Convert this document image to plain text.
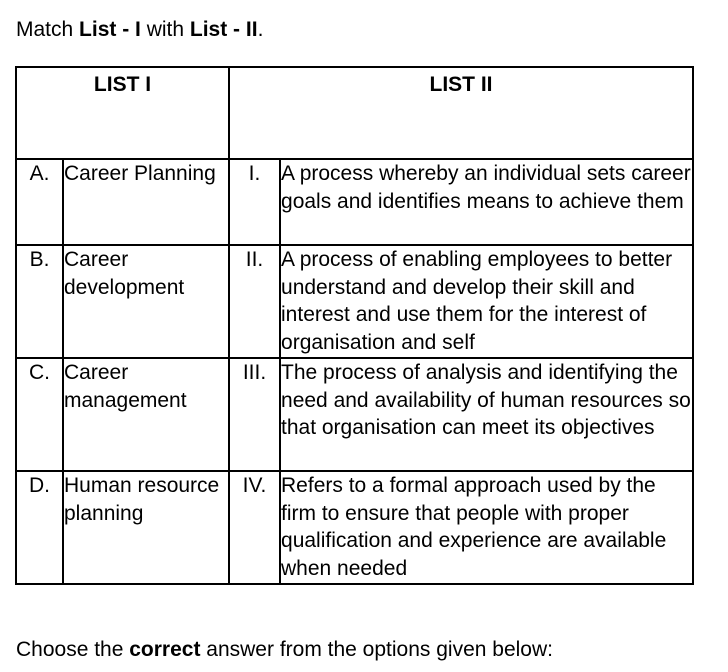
Match List - I with List - II.
LIST I		LIST II	
A.	Career Planning	I.	A process whereby an individual sets career goals and identifies means to achieve them
B.	Career development	II.	A process of enabling employees to better understand and develop their skill and interest and use them for the interest of organisation and self
C.	Career management	III.	The process of analysis and identifying the need and availability of human resources so that organisation can meet its objectives
D.	Human resource planning	IV.	Refers to a formal approach used by the firm to ensure that people with proper qualification and experience are available when needed
Choose the correct answer from the options given below:
